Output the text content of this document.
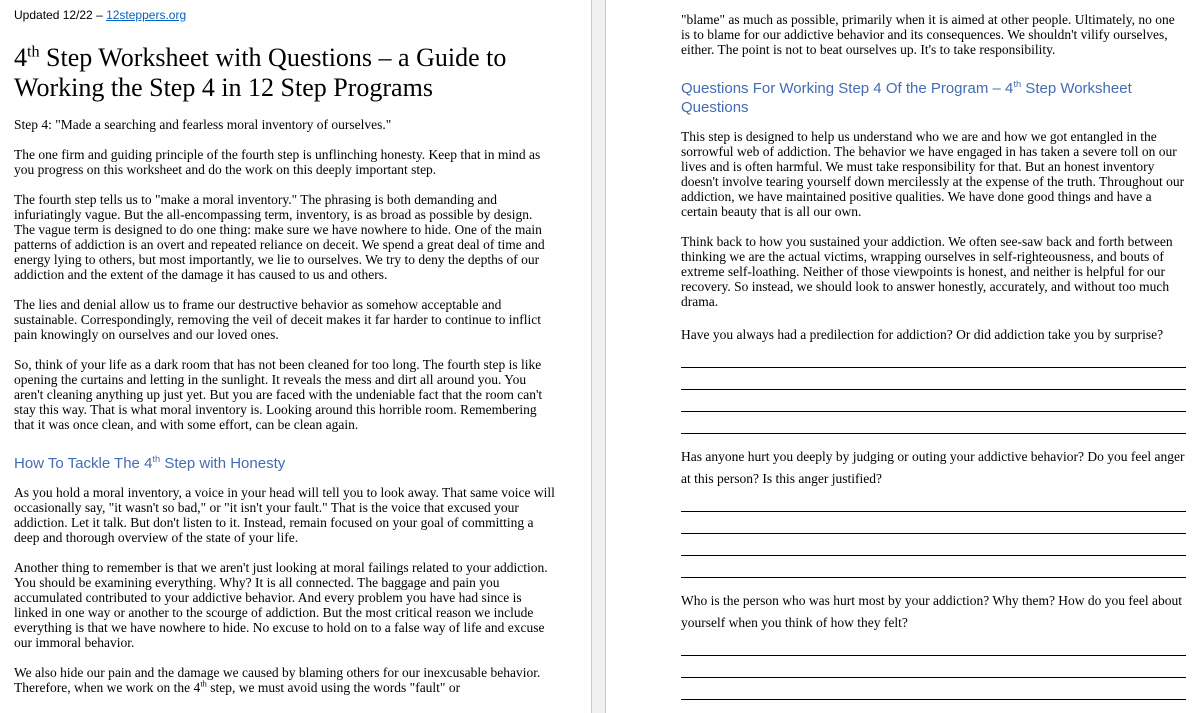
Updated 12/22 – 12steppers.org

4th Step Worksheet with Questions – a Guide to Working the Step 4 in 12 Step Programs

Step 4: "Made a searching and fearless moral inventory of ourselves."

The one firm and guiding principle of the fourth step is unflinching honesty. Keep that in mind as you progress on this worksheet and do the work on this deeply important step.

The fourth step tells us to "make a moral inventory." The phrasing is both demanding and infuriatingly vague. But the all-encompassing term, inventory, is as broad as possible by design. The vague term is designed to do one thing: make sure we have nowhere to hide. One of the main patterns of addiction is an overt and repeated reliance on deceit. We spend a great deal of time and energy lying to others, but most importantly, we lie to ourselves. We try to deny the depths of our addiction and the extent of the damage it has caused to us and others.

The lies and denial allow us to frame our destructive behavior as somehow acceptable and sustainable. Correspondingly, removing the veil of deceit makes it far harder to continue to inflict pain knowingly on ourselves and our loved ones.

So, think of your life as a dark room that has not been cleaned for too long. The fourth step is like opening the curtains and letting in the sunlight. It reveals the mess and dirt all around you. You aren't cleaning anything up just yet. But you are faced with the undeniable fact that the room can't stay this way. That is what moral inventory is. Looking around this horrible room. Remembering that it was once clean, and with some effort, can be clean again.

How To Tackle The 4th Step with Honesty

As you hold a moral inventory, a voice in your head will tell you to look away. That same voice will occasionally say, "it wasn't so bad," or "it isn't your fault." That is the voice that excused your addiction. Let it talk. But don't listen to it. Instead, remain focused on your goal of committing a deep and thorough overview of the state of your life.

Another thing to remember is that we aren't just looking at moral failings related to your addiction. You should be examining everything. Why? It is all connected. The baggage and pain you accumulated contributed to your addictive behavior. And every problem you have had since is linked in one way or another to the scourge of addiction. But the most critical reason we include everything is that we have nowhere to hide. No excuse to hold on to a false way of life and excuse our immoral behavior.

We also hide our pain and the damage we caused by blaming others for our inexcusable behavior. Therefore, when we work on the 4th step, we must avoid using the words "fault" or

"blame" as much as possible, primarily when it is aimed at other people. Ultimately, no one is to blame for our addictive behavior and its consequences. We shouldn't vilify ourselves, either. The point is not to beat ourselves up. It's to take responsibility.

Questions For Working Step 4 Of the Program – 4th Step Worksheet Questions

This step is designed to help us understand who we are and how we got entangled in the sorrowful web of addiction. The behavior we have engaged in has taken a severe toll on our lives and is often harmful. We must take responsibility for that. But an honest inventory doesn't involve tearing yourself down mercilessly at the expense of the truth. Throughout our addiction, we have maintained positive qualities. We have done good things and have a certain beauty that is all our own.

Think back to how you sustained your addiction. We often see-saw back and forth between thinking we are the actual victims, wrapping ourselves in self-righteousness, and bouts of extreme self-loathing. Neither of those viewpoints is honest, and neither is helpful for our recovery. So instead, we should look to answer honestly, accurately, and without too much drama.

Have you always had a predilection for addiction? Or did addiction take you by surprise?

Has anyone hurt you deeply by judging or outing your addictive behavior? Do you feel anger at this person? Is this anger justified?

Who is the person who was hurt most by your addiction? Why them? How do you feel about yourself when you think of how they felt?
